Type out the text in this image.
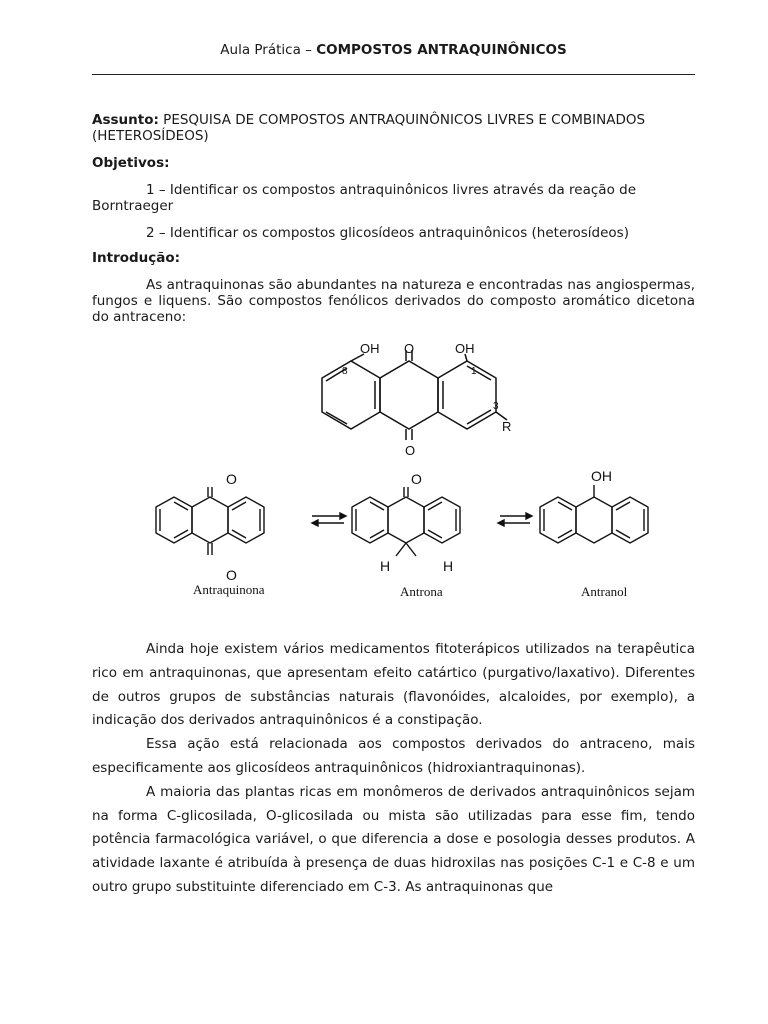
Aula Prática – COMPOSTOS ANTRAQUINÔNICOS
Assunto: PESQUISA DE COMPOSTOS ANTRAQUINÔNICOS LIVRES E COMBINADOS (HETEROSÍDEOS)
Objetivos:
1 – Identificar os compostos antraquinônicos livres através da reação de Borntraeger
2 – Identificar os compostos glicosídeos antraquinônicos (heterosídeos)
Introdução:
As antraquinonas são abundantes na natureza e encontradas nas angiospermas, fungos e liquens. São compostos fenólicos derivados do composto aromático dicetona do antraceno:
OH O	OH
8	1
3
R
O
O
O
O
H	H
OH
Antraquinona	Antrona	Antranol

Ainda hoje existem vários medicamentos fitoterápicos utilizados na terapêutica rico em antraquinonas, que apresentam efeito catártico (purgativo/laxativo). Diferentes de outros grupos de substâncias naturais (flavonóides, alcaloides, por exemplo), a indicação dos derivados antraquinônicos é a constipação.

Essa ação está relacionada aos compostos derivados do antraceno, mais especificamente aos glicosídeos antraquinônicos (hidroxiantraquinonas).

A maioria das plantas ricas em monômeros de derivados antraquinônicos sejam na forma C-glicosilada, O-glicosilada ou mista são utilizadas para esse fim, tendo potência farmacológica variável, o que diferencia a dose e posologia desses produtos. A atividade laxante é atribuída à presença de duas hidroxilas nas posições C-1 e C-8 e um outro grupo substituinte diferenciado em C-3. As antraquinonas que
